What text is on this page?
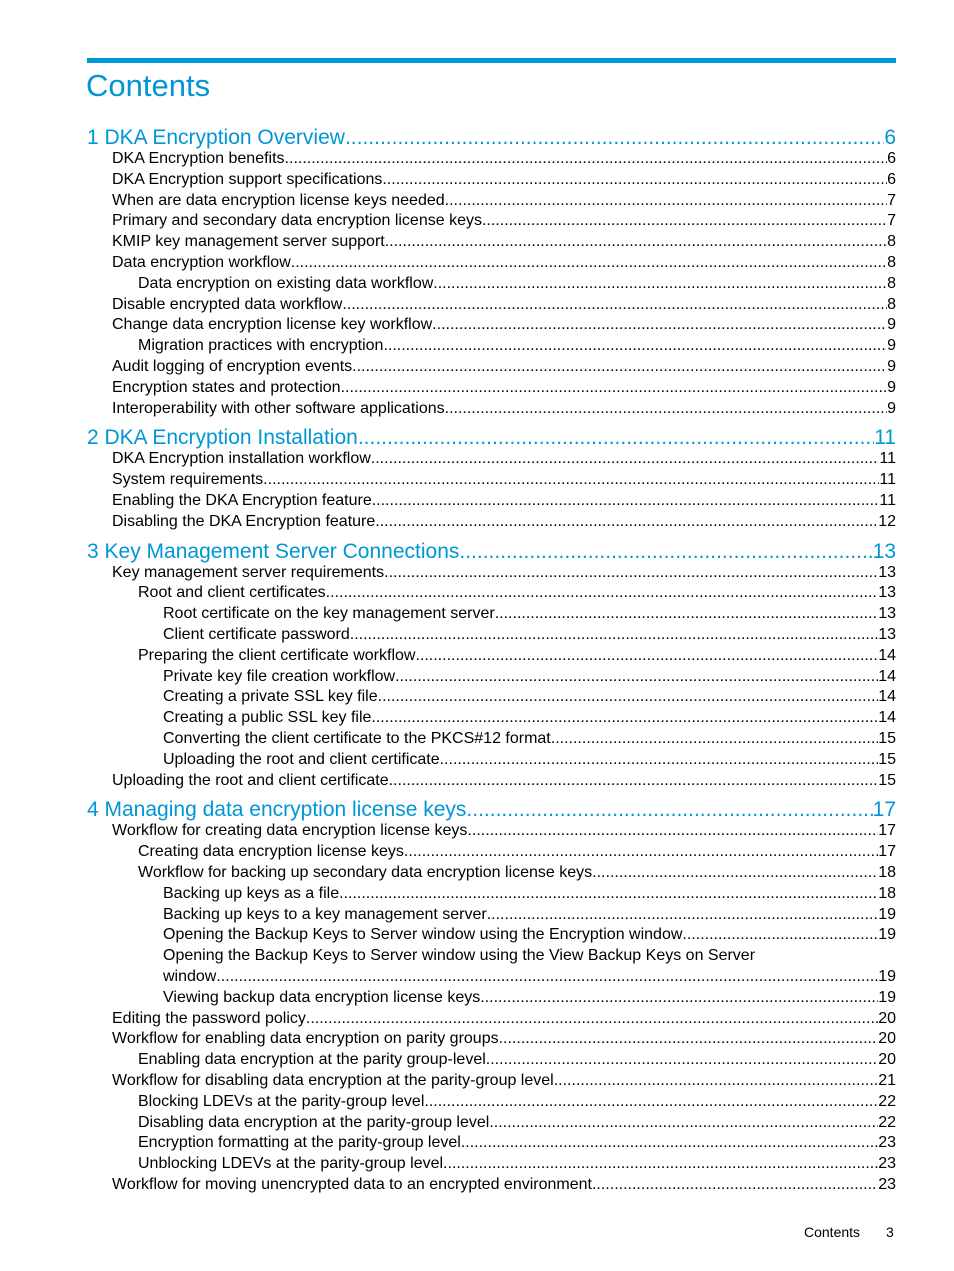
Contents
1 DKA Encryption Overview .....	6
DKA Encryption benefits .....	6
DKA Encryption support specifications .....	6
When are data encryption license keys needed .....	7
Primary and secondary data encryption license keys .....	7
KMIP key management server support .....	8
Data encryption workflow .....	8
Data encryption on existing data workflow .....	8
Disable encrypted data workflow .....	8
Change data encryption license key workflow .....	9
Migration practices with encryption .....	9
Audit logging of encryption events .....	9
Encryption states and protection .....	9
Interoperability with other software applications .....	9
2 DKA Encryption Installation .....	11
DKA Encryption installation workflow .....	11
System requirements .....	11
Enabling the DKA Encryption feature .....	11
Disabling the DKA Encryption feature .....	12
3 Key Management Server Connections .....	13
Key management server requirements .....	13
Root and client certificates .....	13
Root certificate on the key management server .....	13
Client certificate password .....	13
Preparing the client certificate workflow .....	14
Private key file creation workflow .....	14
Creating a private SSL key file .....	14
Creating a public SSL key file .....	14
Converting the client certificate to the PKCS#12 format .....	15
Uploading the root and client certificate .....	15
Uploading the root and client certificate .....	15
4 Managing data encryption license keys .....	17
Workflow for creating data encryption license keys .....	17
Creating data encryption license keys .....	17
Workflow for backing up secondary data encryption license keys .....	18
Backing up keys as a file .....	18
Backing up keys to a key management server .....	19
Opening the Backup Keys to Server window using the Encryption window .....	19
Opening the Backup Keys to Server window using the View Backup Keys on Server
window .....	19
Viewing backup data encryption license keys .....	19
Editing the password policy .....	20
Workflow for enabling data encryption on parity groups .....	20
Enabling data encryption at the parity group-level .....	20
Workflow for disabling data encryption at the parity-group level .....	21
Blocking LDEVs at the parity-group level .....	22
Disabling data encryption at the parity-group level .....	22
Encryption formatting at the parity-group level .....	23
Unblocking LDEVs at the parity-group level .....	23
Workflow for moving unencrypted data to an encrypted environment .....	23
Contents 3
